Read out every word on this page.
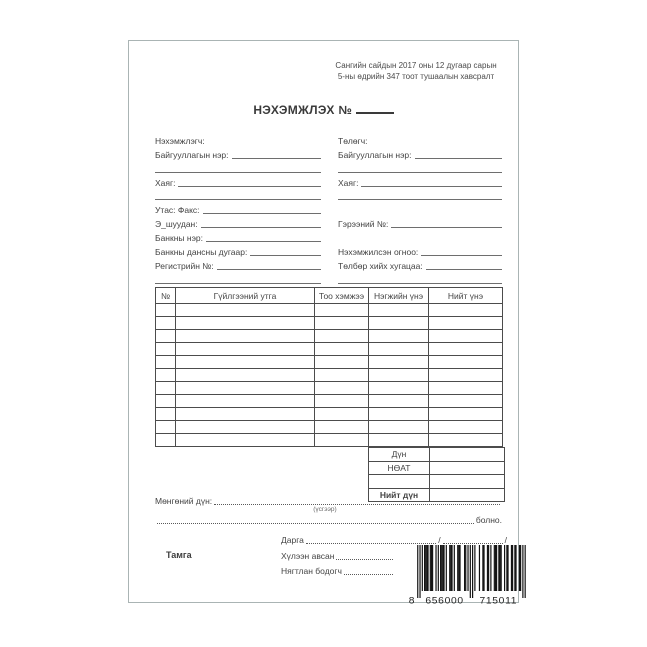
Сангийн сайдын 2017 оны 12 дугаар сарын
5-ны өдрийн 347 тоот тушаалын хавсралт
НЭХЭМЖЛЭХ №
Нэхэмжлэгч:
Байгууллагын нэр:
Хаяг:
Утас: Факс:
Э_шуудан:
Банкны нэр:
Банкны дансны дугаар:
Регистрийн №:
Төлөгч:
Байгууллагын нэр:
Хаяг:
Гэрээний №:
Нэхэмжилсэн огноо:
Төлбөр хийх хугацаа:
№	Гүйлгээний утга	Тоо хэмжээ	Нэгжийн үнэ	Нийт үнэ

Дүн	
НӨАТ	

Нийт дүн	
Мөнгөний дүн:
(үсгээр)
болно.
Дарга	/	/
Тамга	Хүлээн авсан
Нягтлан бодогч
8 656000 715011
